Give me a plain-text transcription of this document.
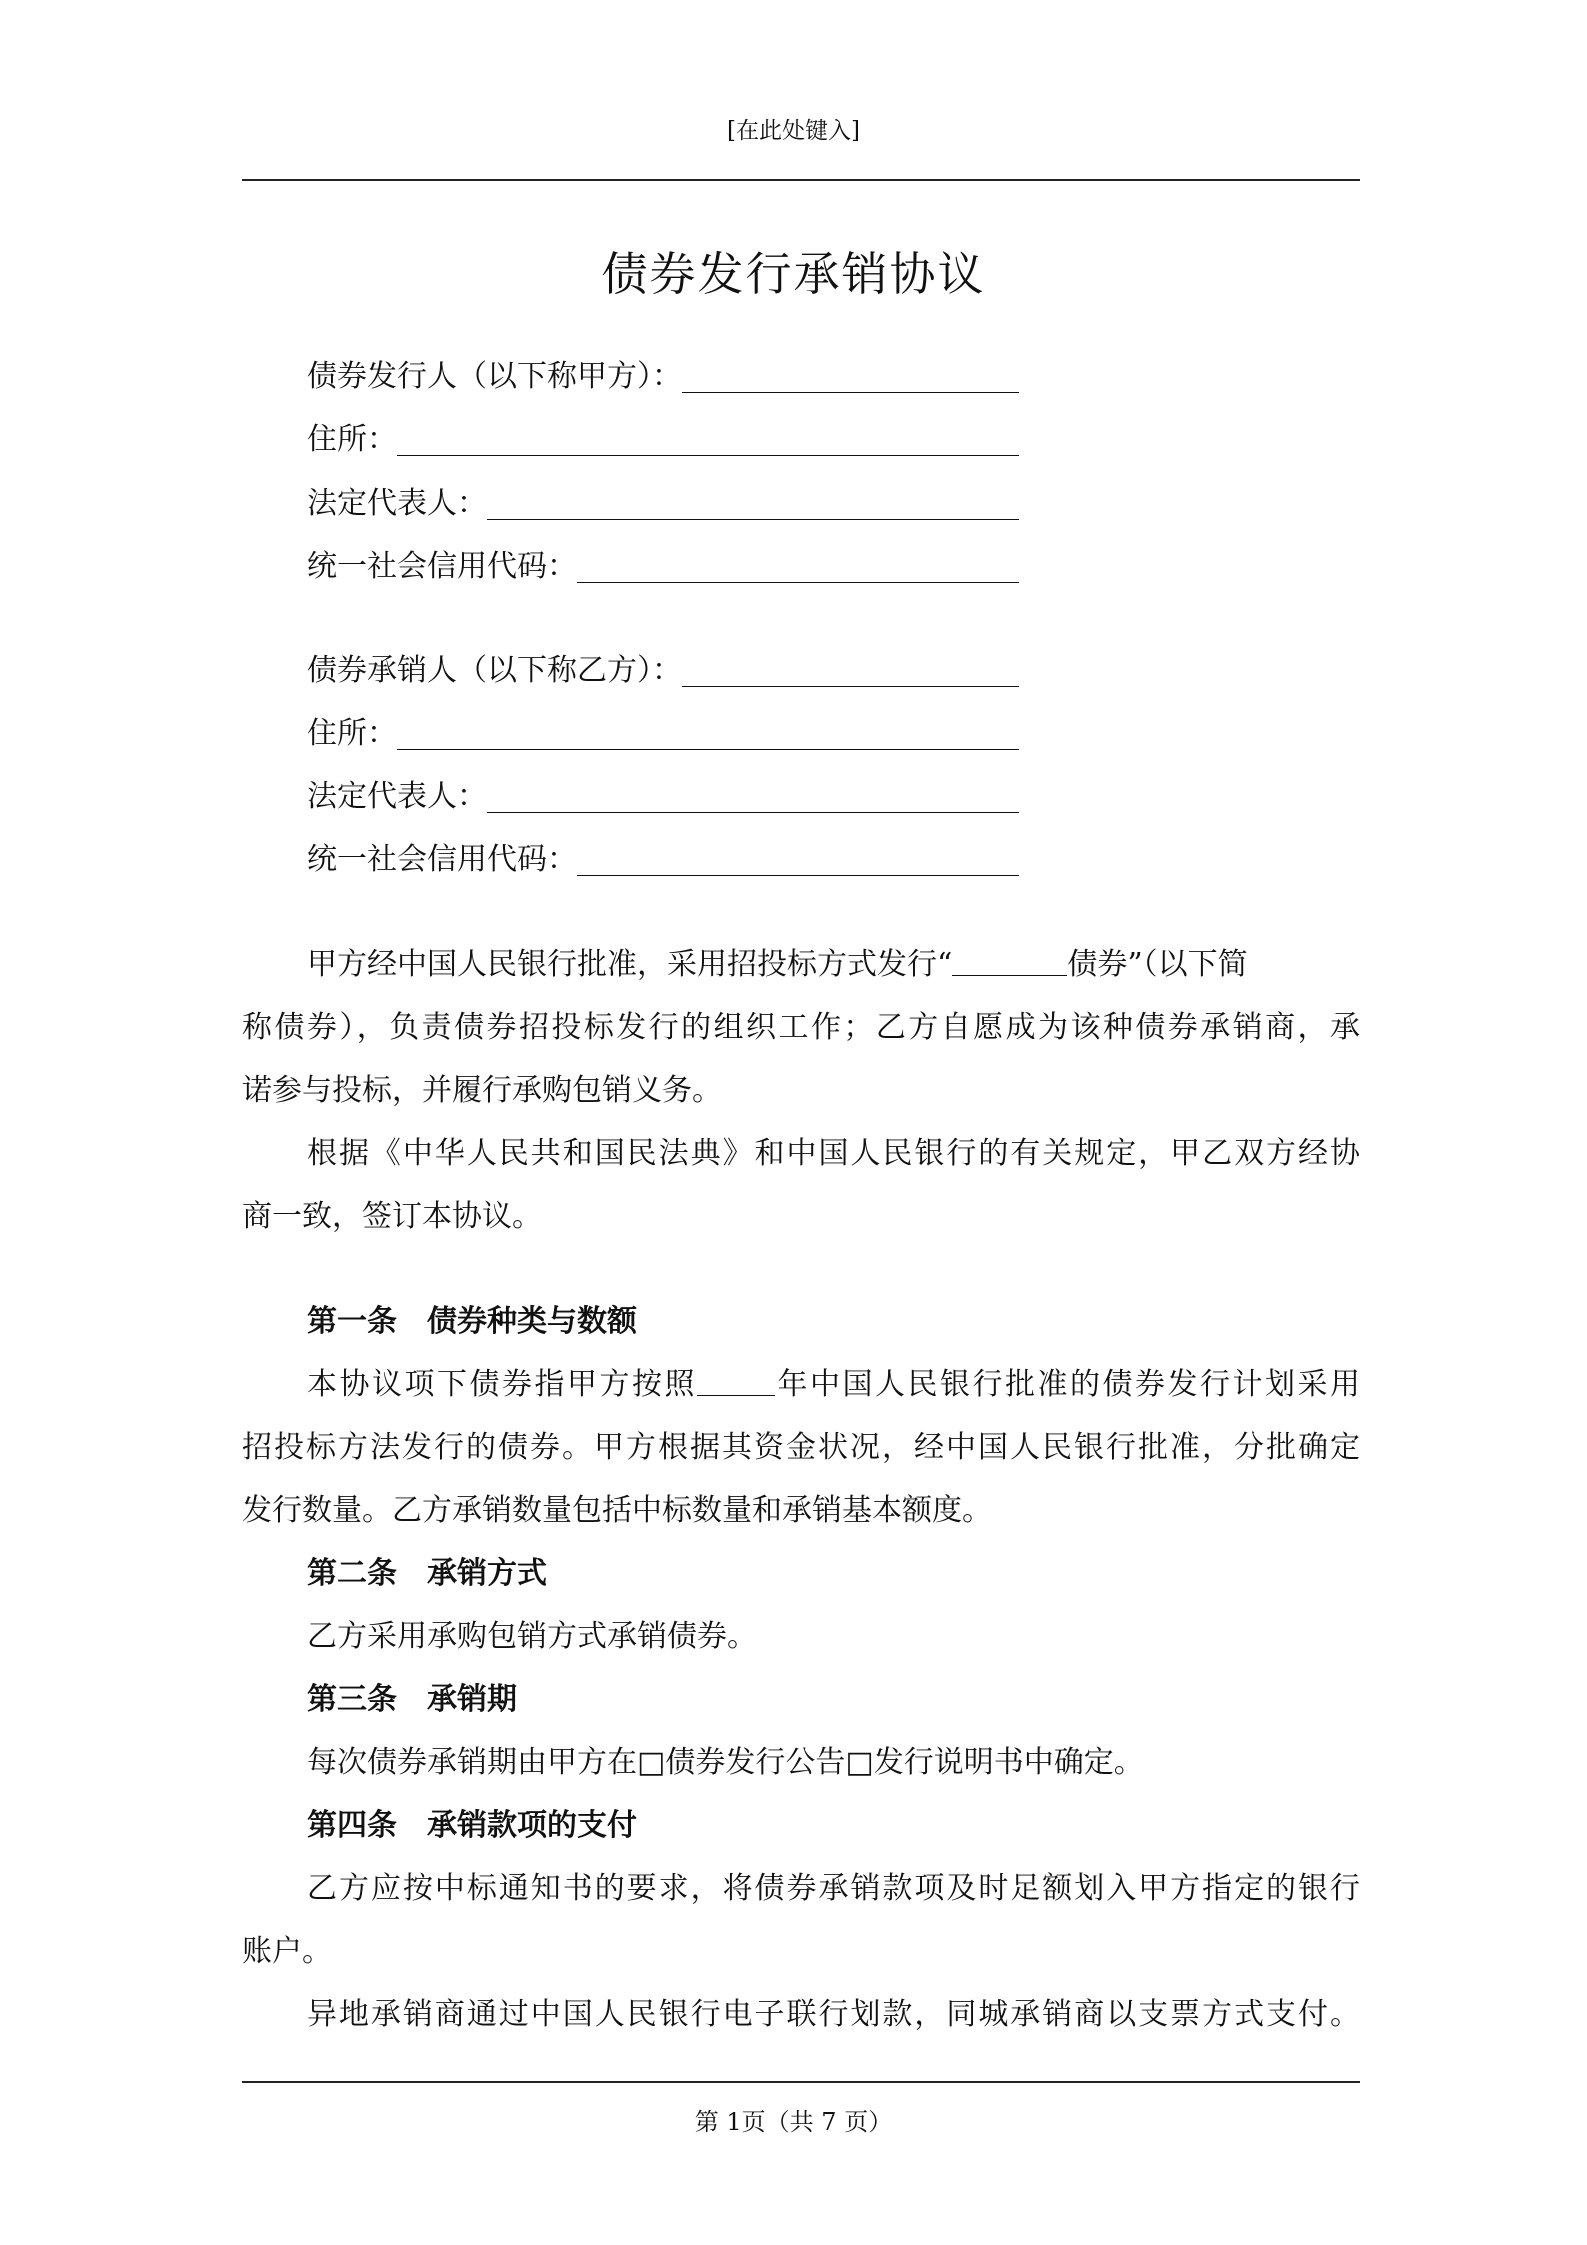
[在此处键入]
债券发行承销协议
债券发行人（以下称甲方）：
住所：
法定代表人：
统一社会信用代码：
债券承销人（以下称乙方）：
住所：
法定代表人：
统一社会信用代码：
甲方经中国人民银行批准，采用招投标方式发行“	债券”（以下简
称债券），负责债券招投标发行的组织工作；乙方自愿成为该种债券承销商，承
诺参与投标，并履行承购包销义务。
根据《中华人民共和国民法典》和中国人民银行的有关规定，甲乙双方经协
商一致，签订本协议。
第一条　债券种类与数额
本协议项下债券指甲方按照	年中国人民银行批准的债券发行计划采用
招投标方法发行的债券。甲方根据其资金状况，经中国人民银行批准，分批确定
发行数量。乙方承销数量包括中标数量和承销基本额度。
第二条　承销方式
乙方采用承购包销方式承销债券。
第三条　承销期
每次债券承销期由甲方在□债券发行公告□发行说明书中确定。
第四条　承销款项的支付
乙方应按中标通知书的要求，将债券承销款项及时足额划入甲方指定的银行
账户。
异地承销商通过中国人民银行电子联行划款，同城承销商以支票方式支付。
第 1页（共 7 页）
